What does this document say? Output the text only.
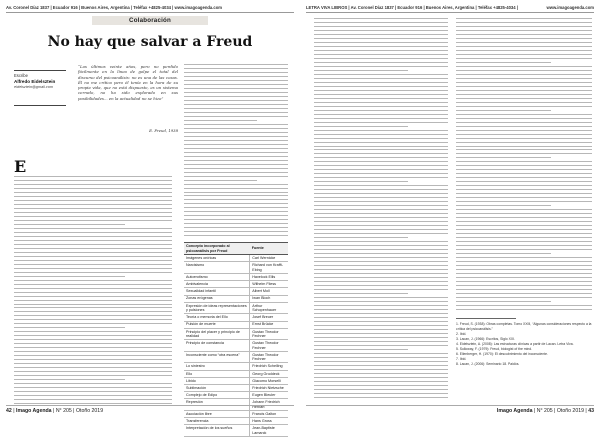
Av. Coronel Díaz 1837 | Ecuador 916 | Buenos Aires, Argentina | Teléfax +4825-4034 | www.imagoagenda.com
Colaboración
No hay que salvar a Freud
Escribe
Alfredo Eidelsztein
eidelsztein@gmail.com
“Los últimos veinte años, pero no perdido fácilmente en la línea de golpe el total del discurso del psicoanálisis: no es una de las cosas. Él no me critica pero él tenía en la hora de su propia vida, que no está dispuesto, es un sistema cerrado, no ha sido explorado en sus posibilidades... en la actualidad no se hizo”
E. Freud, 1938
E
Concepto incorporado al psicoanálisis por Freud	Fuente
Imágenes oníricas	Carl Wernicke
Narcisismo	Richard von Krafft-Ebing
Autoerotismo	Havelock Ellis
Ambivalencia	Wilhelm Fliess
Sexualidad infantil	Albert Moll
Zonas erógenas	Iwan Bloch
Expresión de ideas representaciones y pulsiones	Arthur Schopenhauer
Teoría o memoria del Ello	Josef Breuer
Pulsión de muerte	Ernst Brücke
Principio del placer y principio de realidad	Gustav Theodor Fechner
Principio de constancia	Gustav Theodor Fechner
Inconsciente como “otra escena”	Gustav Theodor Fechner
Lo siniestro	Friedrich Schelling
Ello	Georg Groddeck
Libido	Giacomo Morselli
Sublimación	Friedrich Nietzsche
Complejo de Edipo	Eugen Bleuler
Represión	Johann Friedrich Herbart
Asociación libre	Francis Galton
Transferencia	Hans Gross
Interpretación de los sueños	Jean-Baptiste Lamarck
42 | Imago Agenda | N° 205 | Otoño 2019
LETRA VIVA LIBROS | Av. Coronel Díaz 1837 | Ecuador 916 | Buenos Aires, Argentina | Teléfax +4825-4034 |	www.imagoagenda.com
Imago Agenda | N° 205 | Otoño 2019 | 43
1. Freud, S. (1938): Obras completas. Tomo XXIII, “Algunas consideraciones respecto a la crítica del psicoanálisis.”
2. Ibíd.
3. Lacan, J. (1966): Escritos, Siglo XXI.
4. Eidelsztein, A. (2008): Las estructuras clínicas a partir de Lacan. Letra Viva.
5. Sulloway, F. (1979): Freud, biologist of the mind.
6. Ellenberger, H. (1970): El descubrimiento del inconsciente.
7. Ibíd.
8. Lacan, J. (2006): Seminario 18. Paidós.
